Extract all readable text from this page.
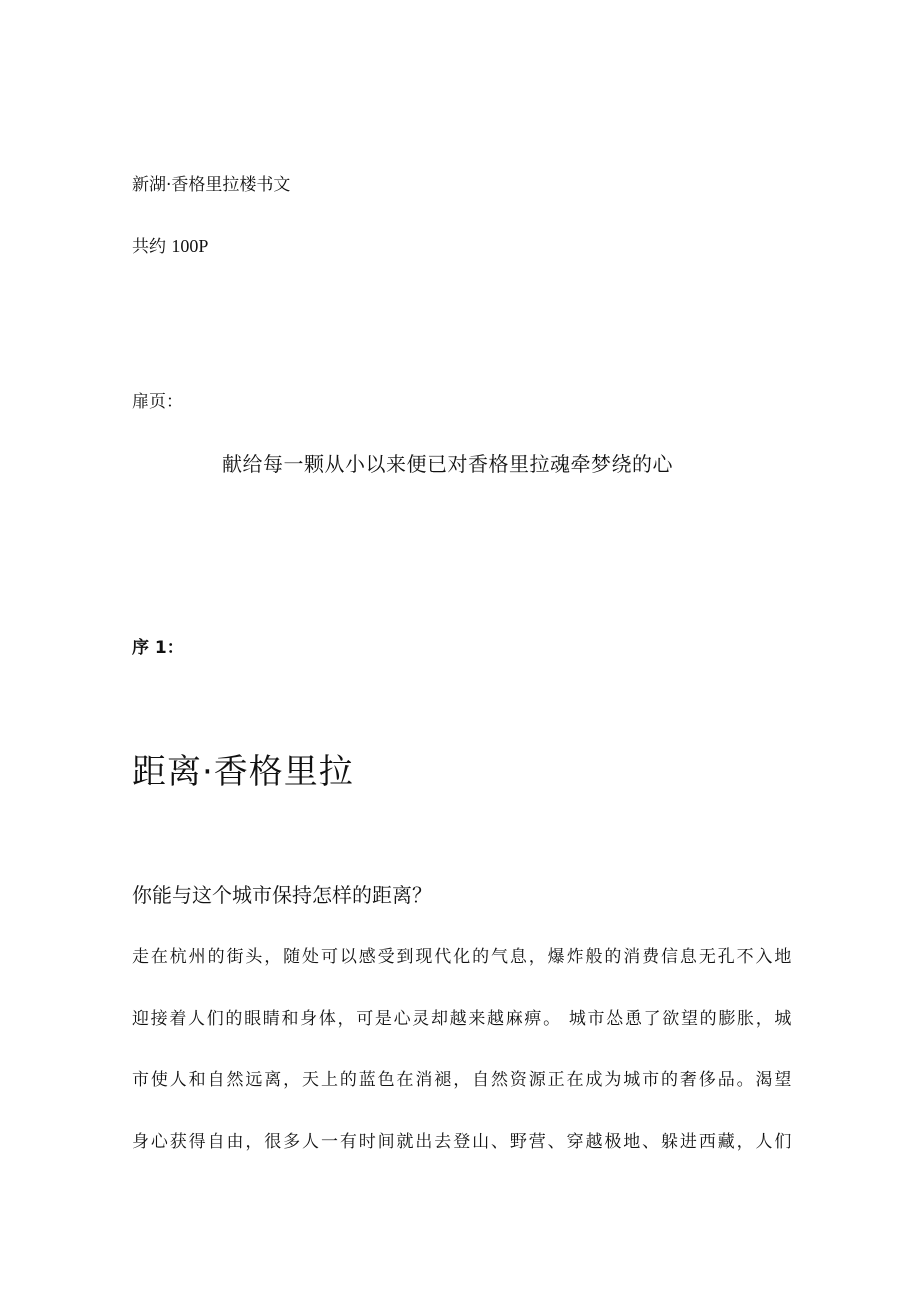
新湖·香格里拉楼书文
共约 100P
扉页：
献给每一颗从小以来便已对香格里拉魂牵梦绕的心
序 1：
距离·香格里拉
你能与这个城市保持怎样的距离？
走在杭州的街头，随处可以感受到现代化的气息，爆炸般的消费信息无孔不入地
迎接着人们的眼睛和身体，可是心灵却越来越麻痹。 城市怂恿了欲望的膨胀，城
市使人和自然远离，天上的蓝色在消褪，自然资源正在成为城市的奢侈品。渴望
身心获得自由，很多人一有时间就出去登山、野营、穿越极地、躲进西藏，人们
